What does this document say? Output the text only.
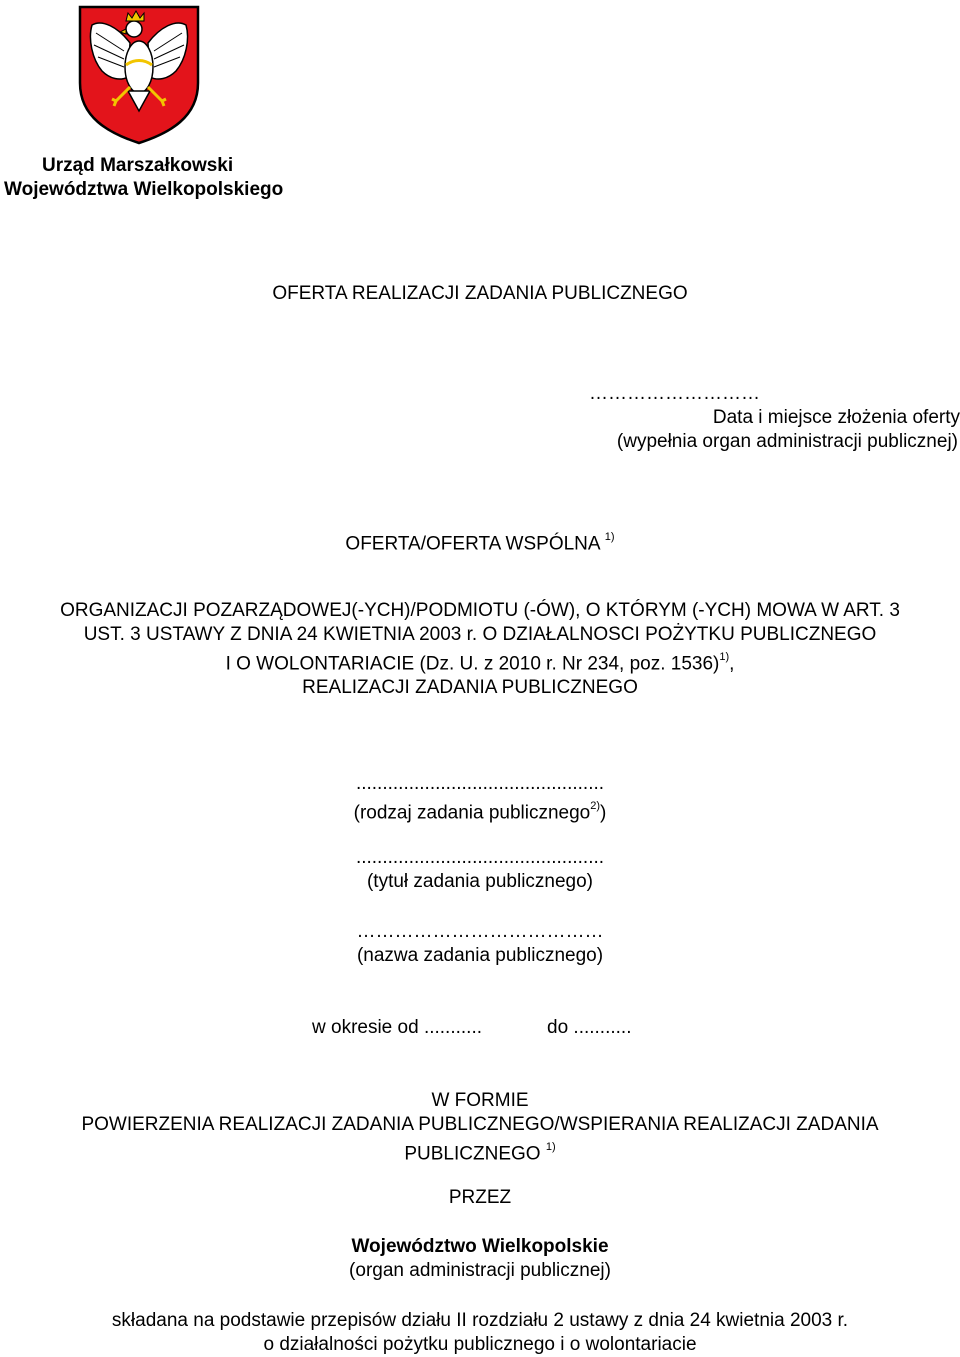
Urząd Marszałkowski
Województwa Wielkopolskiego
OFERTA REALIZACJI ZADANIA PUBLICZNEGO
………………………
Data i miejsce złożenia oferty
(wypełnia organ administracji publicznej)
OFERTA/OFERTA WSPÓLNA $^{1)}$
ORGANIZACJI POZARZĄDOWEJ(-YCH)/PODMIOTU (-ÓW), O KTÓRYM (-YCH) MOWA W ART. 3
UST. 3 USTAWY Z DNIA 24 KWIETNIA 2003 r. O DZIAŁALNOSCI POŻYTKU PUBLICZNEGO
I O WOLONTARIACIE (Dz. U. z 2010 r. Nr 234, poz. 1536)$^{1)}$,
REALIZACJI ZADANIA PUBLICZNEGO
...............................................
(rodzaj zadania publicznego$^{2)}$)
...............................................
(tytuł zadania publicznego)
…………………………………
(nazwa zadania publicznego)
w okresie od ...........	do ...........
W FORMIE
POWIERZENIA REALIZACJI ZADANIA PUBLICZNEGO/WSPIERANIA REALIZACJI ZADANIA
PUBLICZNEGO $^{1)}$
PRZEZ
Województwo Wielkopolskie
(organ administracji publicznej)
składana na podstawie przepisów działu II rozdziału 2 ustawy z dnia 24 kwietnia 2003 r.
o działalności pożytku publicznego i o wolontariacie
